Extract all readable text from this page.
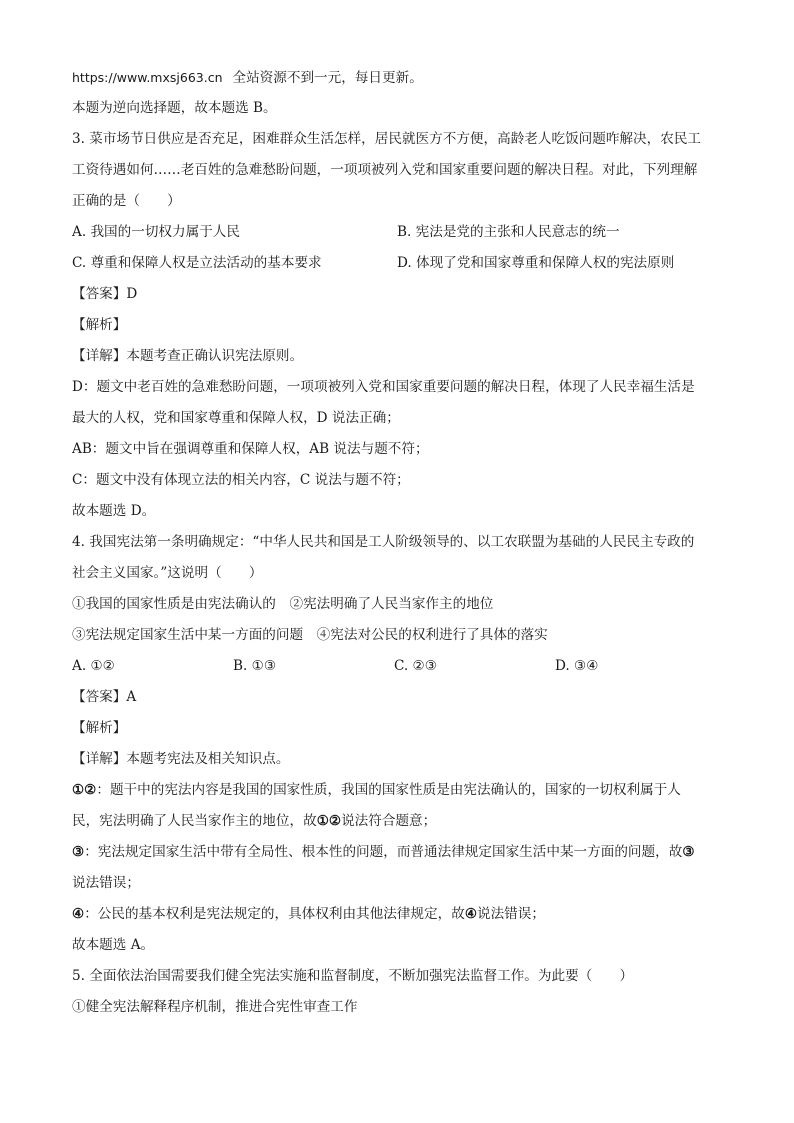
https://www.mxsj663.cn 全站资源不到一元，每日更新。
本题为逆向选择题，故本题选 B。
3. 菜市场节日供应是否充足，困难群众生活怎样，居民就医方不方便，高龄老人吃饭问题咋解决，农民工
工资待遇如何……老百姓的急难愁盼问题，一项项被列入党和国家重要问题的解决日程。对此，下列理解
正确的是（　　）
A. 我国的一切权力属于人民	B. 宪法是党的主张和人民意志的统一
C. 尊重和保障人权是立法活动的基本要求	D. 体现了党和国家尊重和保障人权的宪法原则
【答案】D
【解析】
【详解】本题考查正确认识宪法原则。
D：题文中老百姓的急难愁盼问题，一项项被列入党和国家重要问题的解决日程，体现了人民幸福生活是
最大的人权，党和国家尊重和保障人权，D 说法正确；
AB：题文中旨在强调尊重和保障人权，AB 说法与题不符；
C：题文中没有体现立法的相关内容，C 说法与题不符；
故本题选 D。
4. 我国宪法第一条明确规定：“中华人民共和国是工人阶级领导的、以工农联盟为基础的人民民主专政的
社会主义国家。”这说明（　　）
①我国的国家性质是由宪法确认的　②宪法明确了人民当家作主的地位
③宪法规定国家生活中某一方面的问题　④宪法对公民的权利进行了具体的落实
A. ①②	B. ①③	C. ②③	D. ③④
【答案】A
【解析】
【详解】本题考宪法及相关知识点。
①②：题干中的宪法内容是我国的国家性质，我国的国家性质是由宪法确认的，国家的一切权利属于人
民，宪法明确了人民当家作主的地位，故①②说法符合题意；
③：宪法规定国家生活中带有全局性、根本性的问题，而普通法律规定国家生活中某一方面的问题，故③
说法错误；
④：公民的基本权利是宪法规定的，具体权利由其他法律规定，故④说法错误；
故本题选 A。
5. 全面依法治国需要我们健全宪法实施和监督制度，不断加强宪法监督工作。为此要（　　）
①健全宪法解释程序机制，推进合宪性审查工作
